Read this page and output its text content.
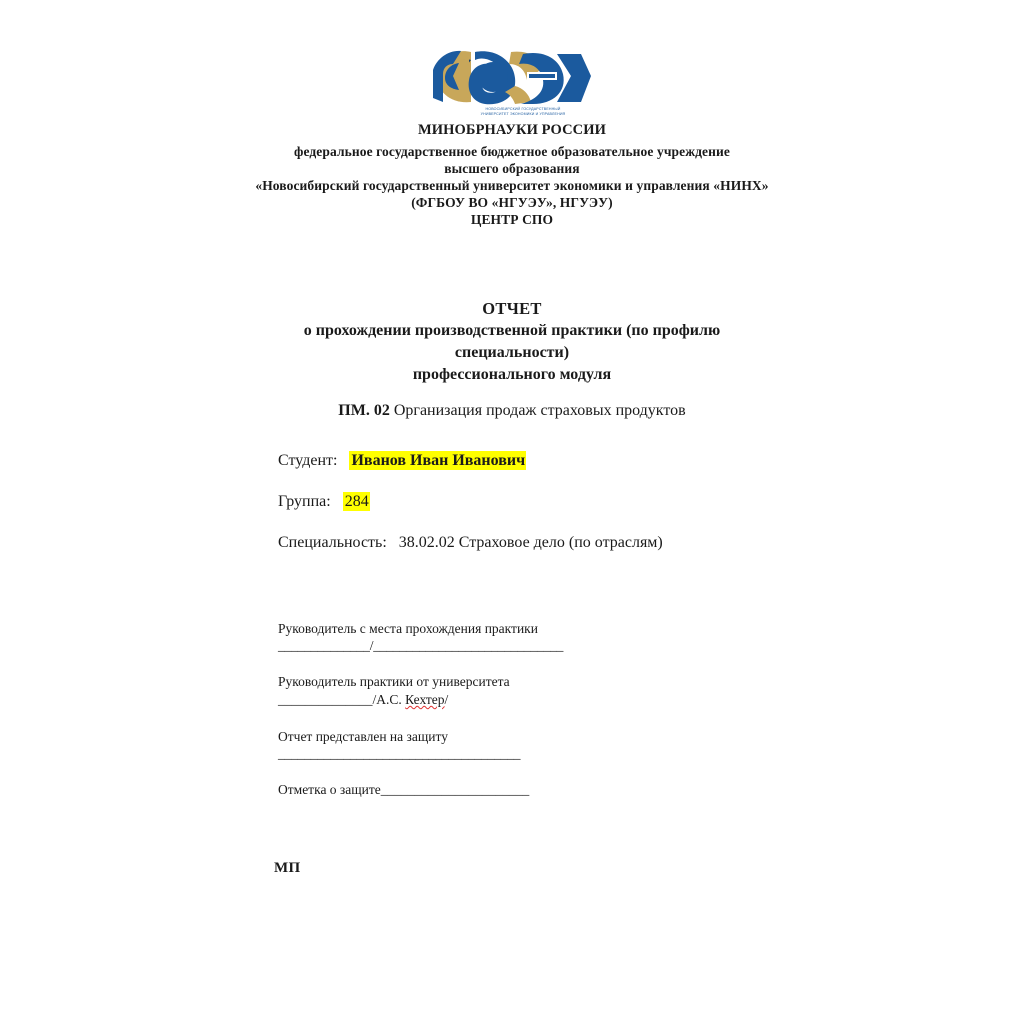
НОВОСИБИРСКИЙ ГОСУДАРСТВЕННЫЙ
УНИВЕРСИТЕТ ЭКОНОМИКИ И УПРАВЛЕНИЯ
МИНОБРНАУКИ РОССИИ
федеральное государственное бюджетное образовательное учреждение
высшего образования
«Новосибирский государственный университет экономики и управления «НИНХ»
(ФГБОУ ВО «НГУЭУ», НГУЭУ)
ЦЕНТР СПО
ОТЧЕТ
о прохождении производственной практики (по профилю
специальности)
профессионального модуля
ПМ. 02 Организация продаж страховых продуктов
Студент: Иванов Иван Иванович
Группа: 284
Специальность: 38.02.02 Страховое дело (по отраслям)
Руководитель с места прохождения практики
______________/_____________________________
Руководитель практики от университета
______________/А.С. Кехтер/
Отчет представлен на защиту
_____________________________________
Отметка о защите______________________
МП
